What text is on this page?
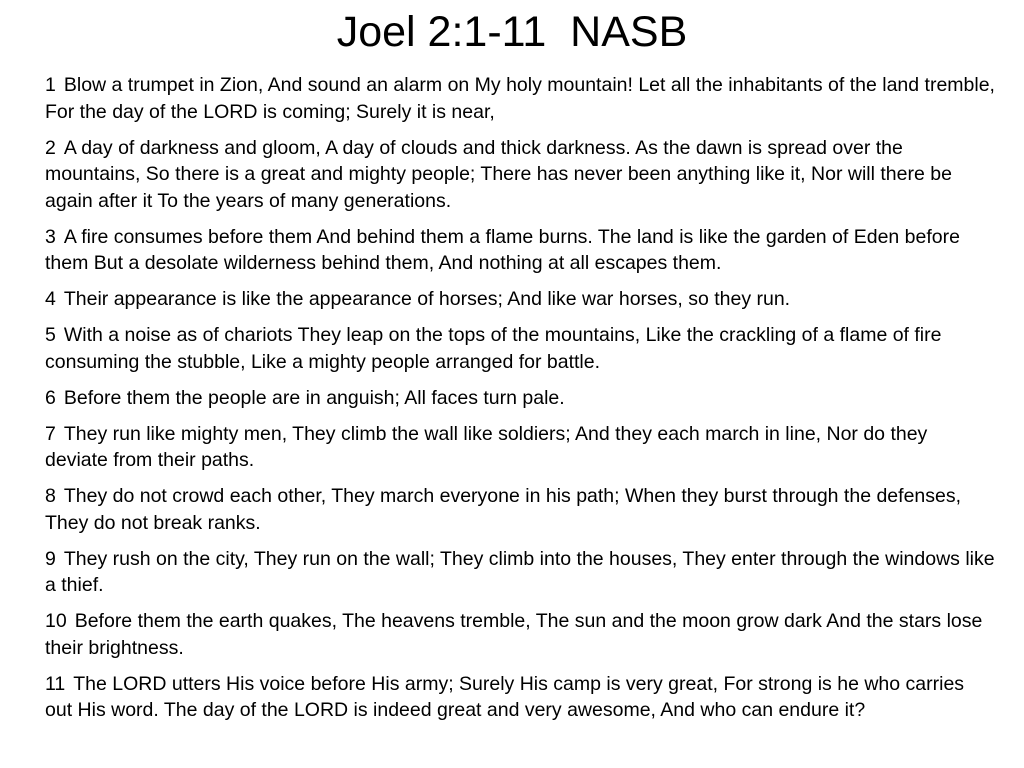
Joel 2:1-11  NASB
1 Blow a trumpet in Zion, And sound an alarm on My holy mountain! Let all the inhabitants of the land tremble, For the day of the LORD is coming; Surely it is near,
2 A day of darkness and gloom, A day of clouds and thick darkness. As the dawn is spread over the mountains, So there is a great and mighty people; There has never been anything like it, Nor will there be again after it To the years of many generations.
3 A fire consumes before them And behind them a flame burns. The land is like the garden of Eden before them But a desolate wilderness behind them, And nothing at all escapes them.
4 Their appearance is like the appearance of horses; And like war horses, so they run.
5 With a noise as of chariots They leap on the tops of the mountains, Like the crackling of a flame of fire consuming the stubble, Like a mighty people arranged for battle.
6 Before them the people are in anguish; All faces turn pale.
7 They run like mighty men, They climb the wall like soldiers; And they each march in line, Nor do they deviate from their paths.
8 They do not crowd each other, They march everyone in his path; When they burst through the defenses, They do not break ranks.
9 They rush on the city, They run on the wall; They climb into the houses, They enter through the windows like a thief.
10 Before them the earth quakes, The heavens tremble, The sun and the moon grow dark And the stars lose their brightness.
11 The LORD utters His voice before His army; Surely His camp is very great, For strong is he who carries out His word. The day of the LORD is indeed great and very awesome, And who can endure it?
